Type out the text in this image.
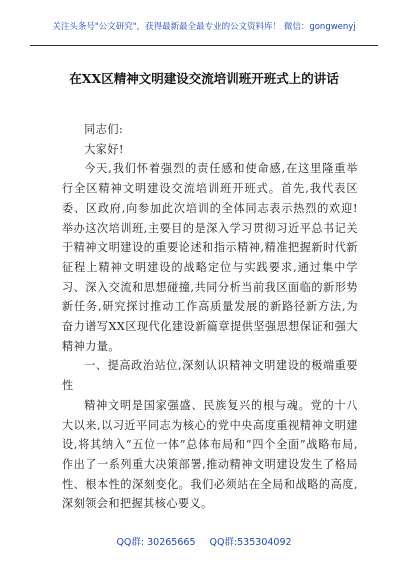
关注头条号"公文研究"，获得最新最全最专业的公文资料库！ 微信：gongwenyj
在XX区精神文明建设交流培训班开班式上的讲话

同志们:

大家好!

今天,我们怀着强烈的责任感和使命感,在这里隆重举行全区精神文明建设交流培训班开班式。首先,我代表区委、区政府,向参加此次培训的全体同志表示热烈的欢迎!举办这次培训班,主要目的是深入学习贯彻习近平总书记关于精神文明建设的重要论述和指示精神,精准把握新时代新征程上精神文明建设的战略定位与实践要求,通过集中学习、深入交流和思想碰撞,共同分析当前我区面临的新形势新任务,研究探讨推动工作高质量发展的新路径新方法,为奋力谱写XX区现代化建设新篇章提供坚强思想保证和强大精神力量。

一、提高政治站位,深刻认识精神文明建设的极端重要性

精神文明是国家强盛、民族复兴的根与魂。党的十八大以来,以习近平同志为核心的党中央高度重视精神文明建设,将其纳入“五位一体”总体布局和“四个全面”战略布局,作出了一系列重大决策部署,推动精神文明建设发生了格局性、根本性的深刻变化。我们必须站在全局和战略的高度,深刻领会和把握其核心要义。

QQ群: 30265665 QQ群:535304092
